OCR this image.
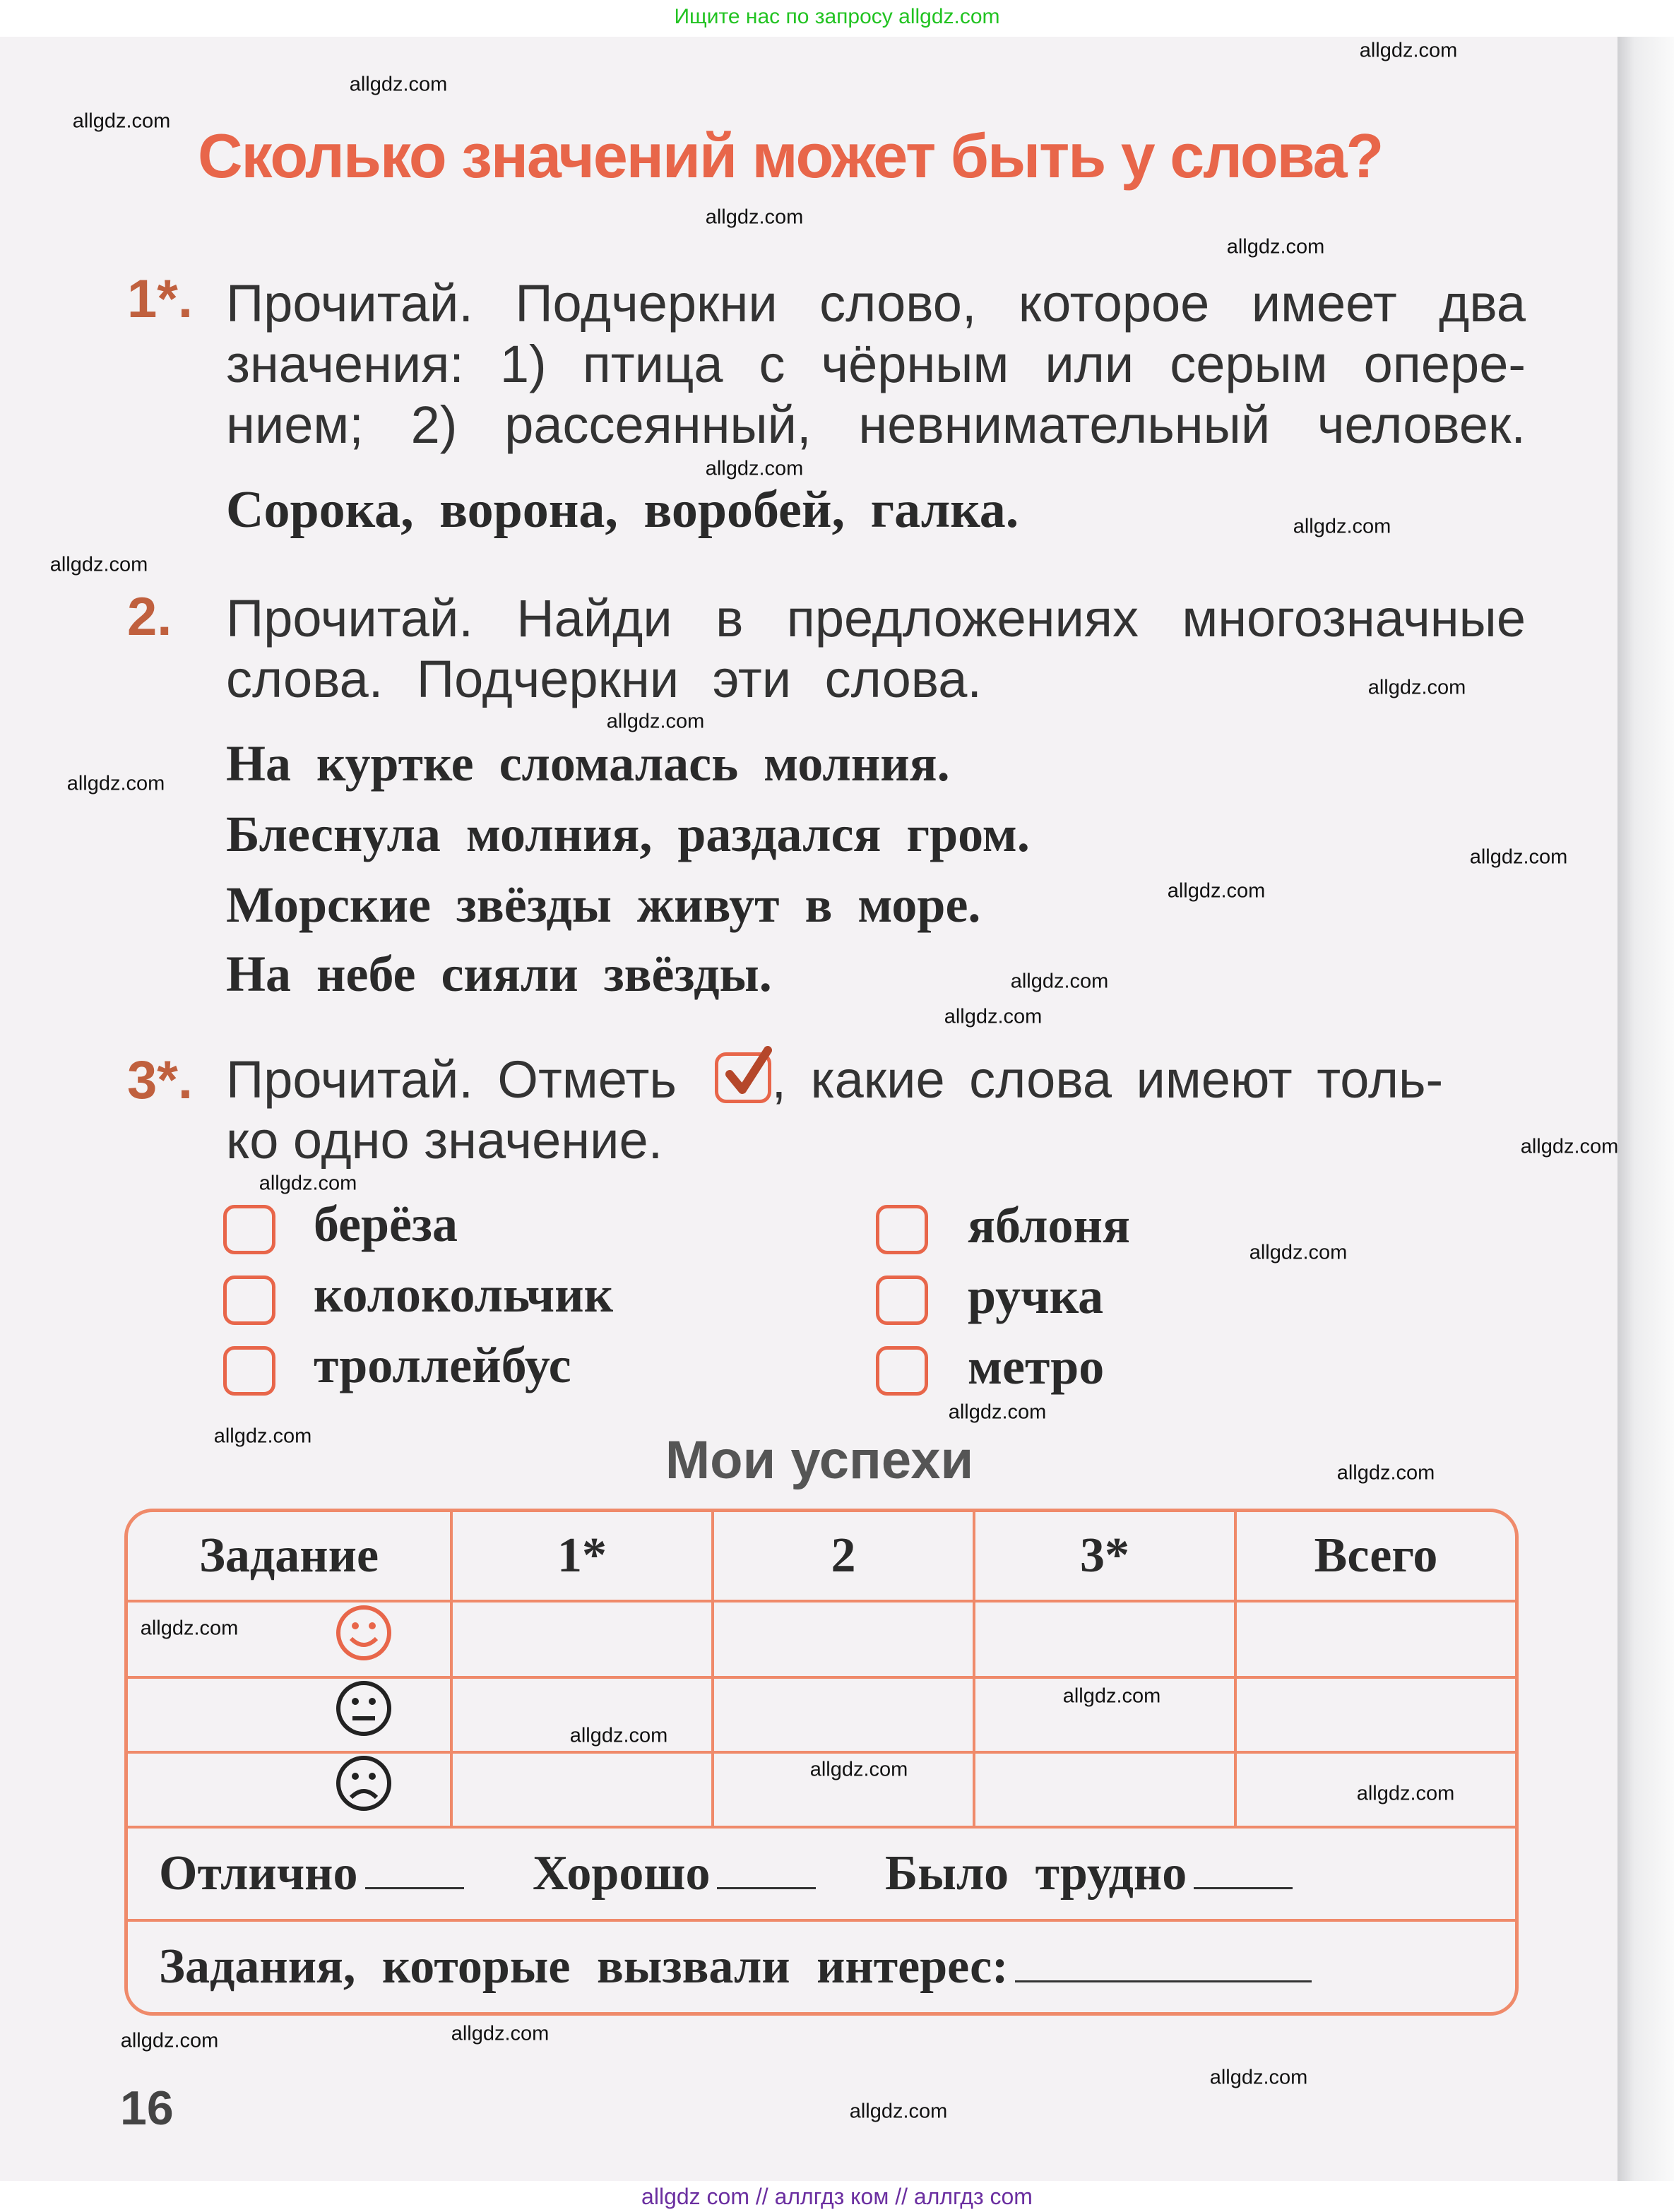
Ищите нас по запросу allgdz.com
Сколько значений может быть у слова?
1*. Прочитай. Подчеркни слово, которое имеет два
значения: 1) птица с чёрным или серым опере-
нием; 2) рассеянный, невнимательный человек.
Сорока, ворона, воробей, галка.
2. Прочитай. Найди в предложениях многозначные
слова. Подчеркни эти слова.
На куртке сломалась молния.
Блеснула молния, раздался гром.
Морские звёзды живут в море.
На небе сияли звёзды.
3*. Прочитай. Отметь , какие слова имеют толь-
ко одно значение.
берёза
колокольчик
троллейбус
яблоня
ручка
метро
Мои успехи
Задание	1*	2	3*	Всего

Отлично Хорошо Было трудно				
Задания, которые вызвали интерес:				
16
allgdz.com
allgdz.com
allgdz.com
allgdz.com
allgdz.com
allgdz.com
allgdz.com
allgdz.com
allgdz.com
allgdz.com
allgdz.com
allgdz.com
allgdz.com
allgdz.com
allgdz.com
allgdz.com
allgdz.com
allgdz.com
allgdz.com
allgdz.com
allgdz.com
allgdz.com
allgdz.com
allgdz.com
allgdz.com
allgdz.com
allgdz.com
allgdz.com
allgdz.com
allgdz.com
allgdz com // аллгдз ком // аллгдз com
